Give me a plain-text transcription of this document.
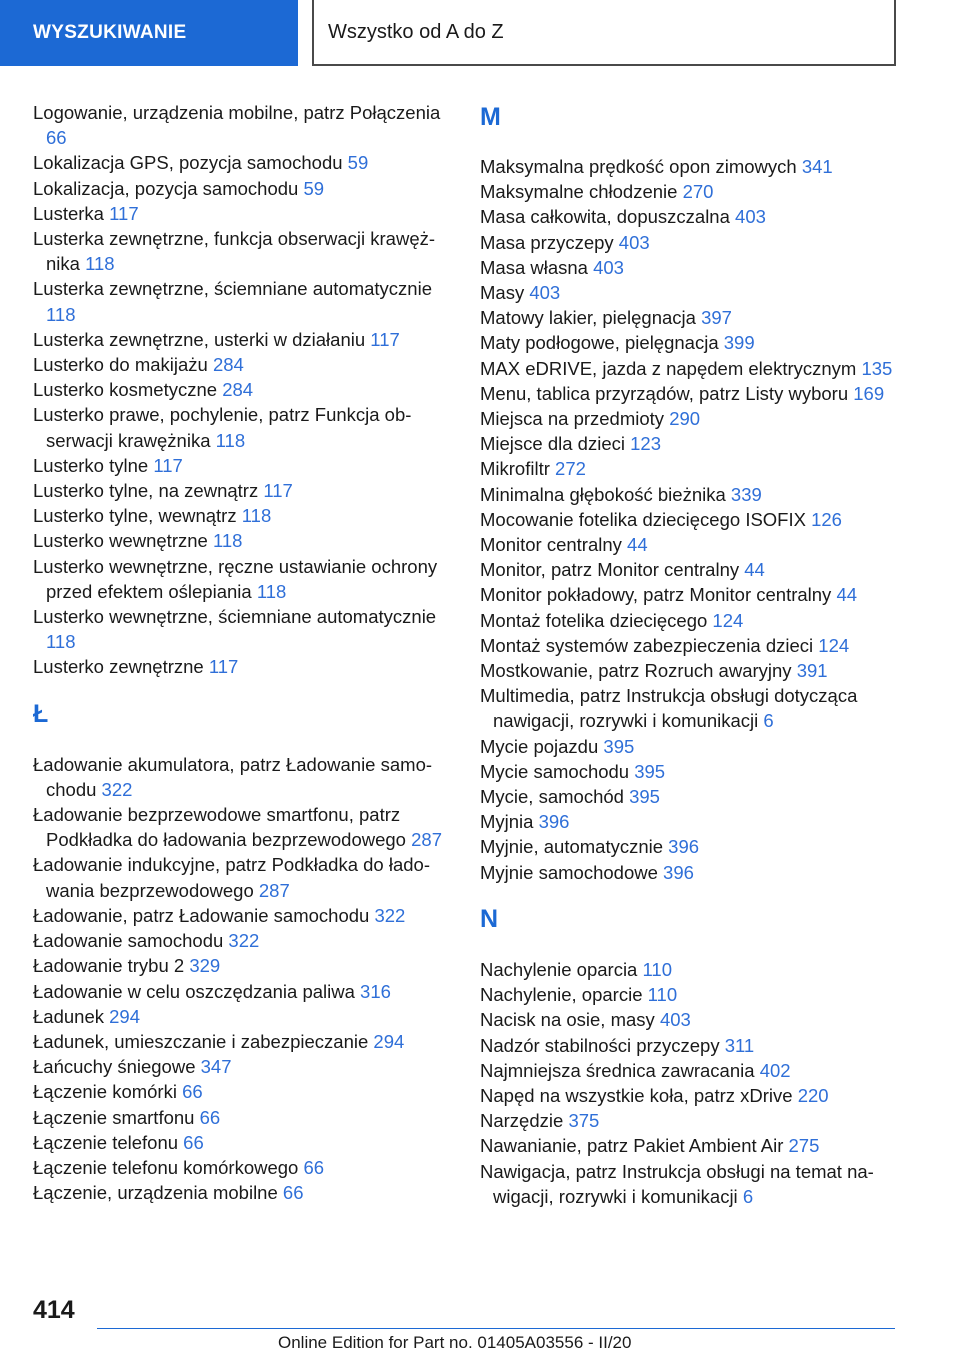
WYSZUKIWANIE	Wszystko od A do Z
Logowanie, urządzenia mobilne, patrz Połączenia 66
Lokalizacja GPS, pozycja samochodu 59
Lokalizacja, pozycja samochodu 59
Lusterka 117
Lusterka zewnętrzne, funkcja obserwacji krawężnika 118
Lusterka zewnętrzne, ściemniane automatycznie 118
Lusterka zewnętrzne, usterki w działaniu 117
Lusterko do makijażu 284
Lusterko kosmetyczne 284
Lusterko prawe, pochylenie, patrz Funkcja obserwacji krawężnika 118
Lusterko tylne 117
Lusterko tylne, na zewnątrz 117
Lusterko tylne, wewnątrz 118
Lusterko wewnętrzne 118
Lusterko wewnętrzne, ręczne ustawianie ochrony przed efektem oślepiania 118
Lusterko wewnętrzne, ściemniane automatycznie 118
Lusterko zewnętrzne 117
Ł
Ładowanie akumulatora, patrz Ładowanie samochodu 322
Ładowanie bezprzewodowe smartfonu, patrz Podkładka do ładowania bezprzewodowego 287
Ładowanie indukcyjne, patrz Podkładka do ładowania bezprzewodowego 287
Ładowanie, patrz Ładowanie samochodu 322
Ładowanie samochodu 322
Ładowanie trybu 2 329
Ładowanie w celu oszczędzania paliwa 316
Ładunek 294
Ładunek, umieszczanie i zabezpieczanie 294
Łańcuchy śniegowe 347
Łączenie komórki 66
Łączenie smartfonu 66
Łączenie telefonu 66
Łączenie telefonu komórkowego 66
Łączenie, urządzenia mobilne 66
M
Maksymalna prędkość opon zimowych 341
Maksymalne chłodzenie 270
Masa całkowita, dopuszczalna 403
Masa przyczepy 403
Masa własna 403
Masy 403
Matowy lakier, pielęgnacja 397
Maty podłogowe, pielęgnacja 399
MAX eDRIVE, jazda z napędem elektrycznym 135
Menu, tablica przyrządów, patrz Listy wyboru 169
Miejsca na przedmioty 290
Miejsce dla dzieci 123
Mikrofiltr 272
Minimalna głębokość bieżnika 339
Mocowanie fotelika dziecięcego ISOFIX 126
Monitor centralny 44
Monitor, patrz Monitor centralny 44
Monitor pokładowy, patrz Monitor centralny 44
Montaż fotelika dziecięcego 124
Montaż systemów zabezpieczenia dzieci 124
Mostkowanie, patrz Rozruch awaryjny 391
Multimedia, patrz Instrukcja obsługi dotycząca nawigacji, rozrywki i komunikacji 6
Mycie pojazdu 395
Mycie samochodu 395
Mycie, samochód 395
Myjnia 396
Myjnie, automatycznie 396
Myjnie samochodowe 396
N
Nachylenie oparcia 110
Nachylenie, oparcie 110
Nacisk na osie, masy 403
Nadzór stabilności przyczepy 311
Najmniejsza średnica zawracania 402
Napęd na wszystkie koła, patrz xDrive 220
Narzędzie 375
Nawanianie, patrz Pakiet Ambient Air 275
Nawigacja, patrz Instrukcja obsługi na temat nawigacji, rozrywki i komunikacji 6
414
Online Edition for Part no. 01405A03556 - II/20
